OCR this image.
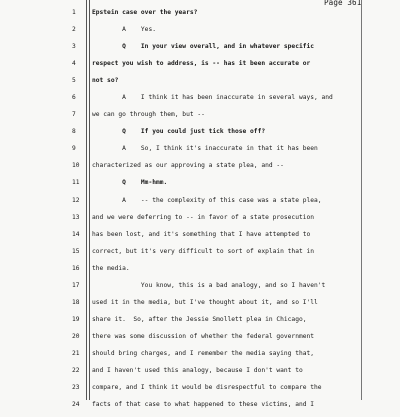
Page 361
1	Epstein case over the years?
2	A    Yes.
3	Q    In your view overall, and in whatever specific
4	respect you wish to address, is -- has it been accurate or
5	not so?
6	A    I think it has been inaccurate in several ways, and
7	we can go through them, but --
8	Q    If you could just tick those off?
9	A    So, I think it's inaccurate in that it has been
10	characterized as our approving a state plea, and --
11	Q    Mm-hmm.
12	A    -- the complexity of this case was a state plea,
13	and we were deferring to -- in favor of a state prosecution
14	has been lost, and it's something that I have attempted to
15	correct, but it's very difficult to sort of explain that in
16	the media.
17	You know, this is a bad analogy, and so I haven't
18	used it in the media, but I've thought about it, and so I'll
19	share it.  So, after the Jessie Smollett plea in Chicago,
20	there was some discussion of whether the federal government
21	should bring charges, and I remember the media saying that,
22	and I haven't used this analogy, because I don't want to
23	compare, and I think it would be disrespectful to compare the
24	facts of that case to what happened to these victims, and I
